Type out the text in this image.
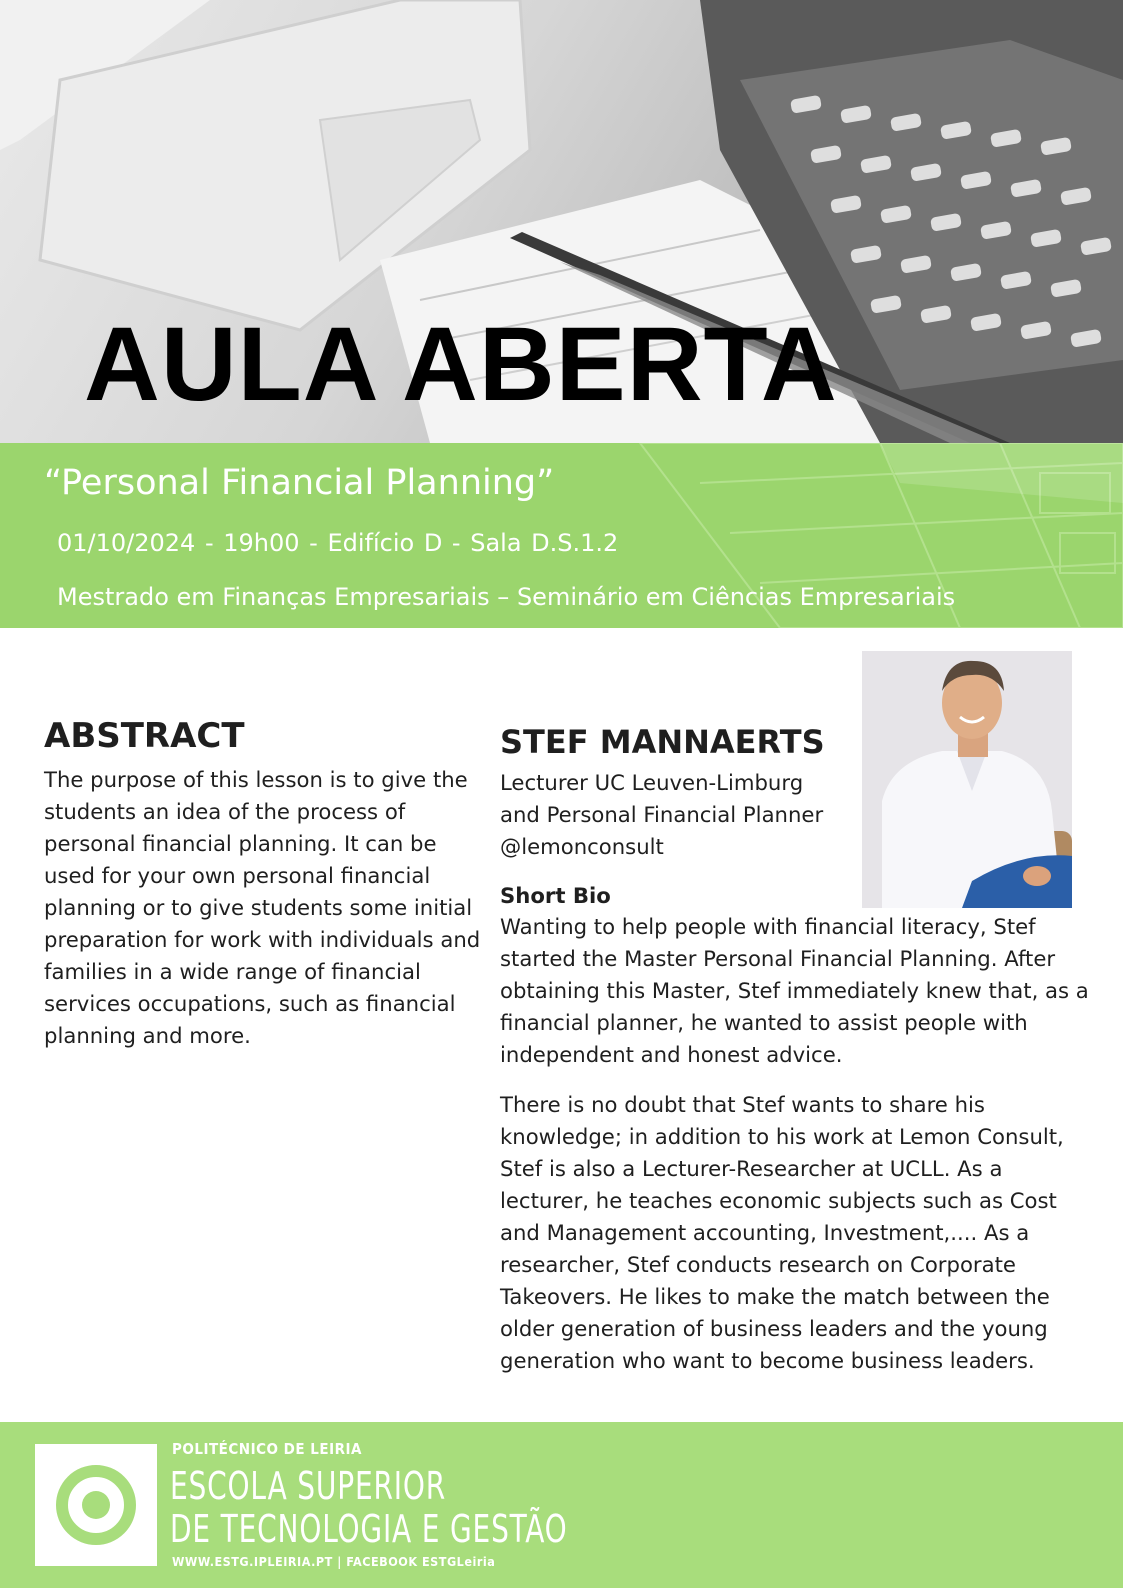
AULA ABERTA
“Personal Financial Planning”
01/10/2024 - 19h00 - Edifício D - Sala D.S.1.2
Mestrado em Finanças Empresariais – Seminário em Ciências Empresariais
ABSTRACT

The purpose of this lesson is to give the students an idea of the process of personal financial planning. It can be used for your own personal financial planning or to give students some initial preparation for work with individuals and families in a wide range of financial services occupations, such as financial planning and more.

STEF MANNAERTS

Lecturer UC Leuven-Limburg and Personal Financial Planner @lemonconsult

Short Bio

Wanting to help people with financial literacy, Stef started the Master Personal Financial Planning. After obtaining this Master, Stef immediately knew that, as a financial planner, he wanted to assist people with independent and honest advice.

There is no doubt that Stef wants to share his knowledge; in addition to his work at Lemon Consult, Stef is also a Lecturer-Researcher at UCLL. As a lecturer, he teaches economic subjects such as Cost and Management accounting, Investment,.... As a researcher, Stef conducts research on Corporate Takeovers. He likes to make the match between the older generation of business leaders and the young generation who want to become business leaders.

POLITÉCNICO DE LEIRIA
ESCOLA SUPERIOR
DE TECNOLOGIA E GESTÃO
WWW.ESTG.IPLEIRIA.PT | FACEBOOK ESTGLeiria
